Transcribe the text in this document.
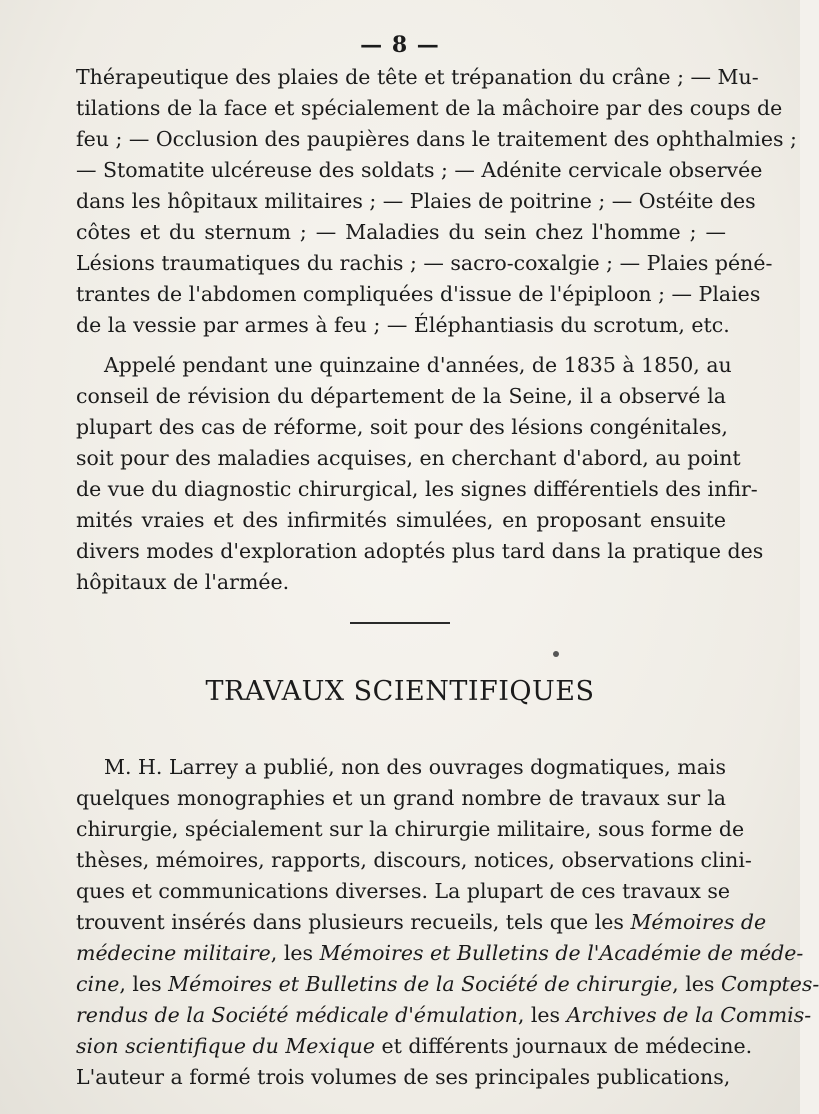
— 8 —
Thérapeutique des plaies de tête et trépanation du crâne ; — Mu-
tilations de la face et spécialement de la mâchoire par des coups de
feu ; — Occlusion des paupières dans le traitement des ophthalmies ;
— Stomatite ulcéreuse des soldats ; — Adénite cervicale observée
dans les hôpitaux militaires ; — Plaies de poitrine ; — Ostéite des
côtes et du sternum ; — Maladies du sein chez l'homme ; —
Lésions traumatiques du rachis ; — sacro-coxalgie ; — Plaies péné-
trantes de l'abdomen compliquées d'issue de l'épiploon ; — Plaies
de la vessie par armes à feu ; — Éléphantiasis du scrotum, etc.
Appelé pendant une quinzaine d'années, de 1835 à 1850, au
conseil de révision du département de la Seine, il a observé la
plupart des cas de réforme, soit pour des lésions congénitales,
soit pour des maladies acquises, en cherchant d'abord, au point
de vue du diagnostic chirurgical, les signes différentiels des infir-
mités vraies et des infirmités simulées, en proposant ensuite
divers modes d'exploration adoptés plus tard dans la pratique des
hôpitaux de l'armée.
TRAVAUX SCIENTIFIQUES
M. H. Larrey a publié, non des ouvrages dogmatiques, mais
quelques monographies et un grand nombre de travaux sur la
chirurgie, spécialement sur la chirurgie militaire, sous forme de
thèses, mémoires, rapports, discours, notices, observations clini-
ques et communications diverses. La plupart de ces travaux se
trouvent insérés dans plusieurs recueils, tels que les Mémoires de
médecine militaire, les Mémoires et Bulletins de l'Académie de méde-
cine, les Mémoires et Bulletins de la Société de chirurgie, les Comptes-
rendus de la Société médicale d'émulation, les Archives de la Commis-
sion scientifique du Mexique et différents journaux de médecine.
L'auteur a formé trois volumes de ses principales publications,
